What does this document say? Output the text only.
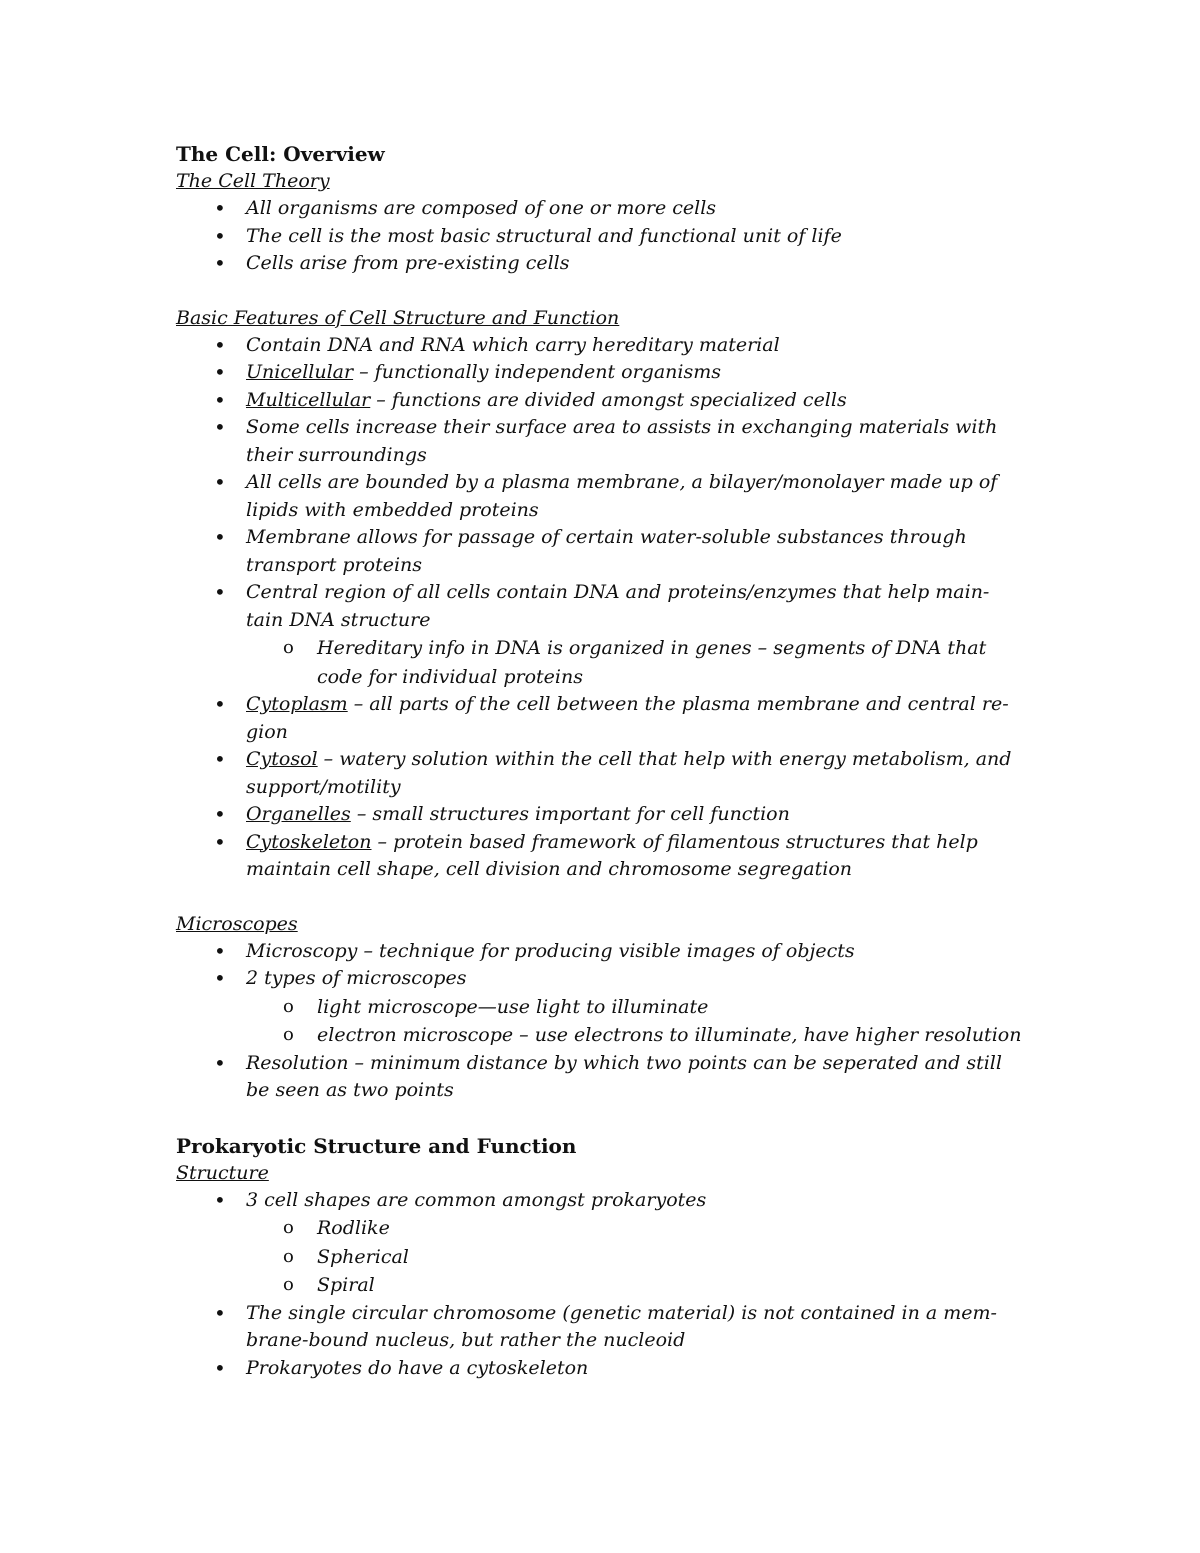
The Cell: Overview
The Cell Theory
• All organisms are composed of one or more cells
• The cell is the most basic structural and functional unit of life
• Cells arise from pre-existing cells
Basic Features of Cell Structure and Function
• Contain DNA and RNA which carry hereditary material
• Unicellular – functionally independent organisms
• Multicellular – functions are divided amongst specialized cells
• Some cells increase their surface area to assists in exchanging materials with
their surroundings
• All cells are bounded by a plasma membrane, a bilayer/monolayer made up of
lipids with embedded proteins
• Membrane allows for passage of certain water-soluble substances through
transport proteins
• Central region of all cells contain DNA and proteins/enzymes that help main-
tain DNA structure
o Hereditary info in DNA is organized in genes – segments of DNA that
code for individual proteins
• Cytoplasm – all parts of the cell between the plasma membrane and central re-
gion
• Cytosol – watery solution within the cell that help with energy metabolism, and
support/motility
• Organelles – small structures important for cell function
• Cytoskeleton – protein based framework of filamentous structures that help
maintain cell shape, cell division and chromosome segregation
Microscopes
• Microscopy – technique for producing visible images of objects
• 2 types of microscopes
o light microscope—use light to illuminate
o electron microscope – use electrons to illuminate, have higher resolution
• Resolution – minimum distance by which two points can be seperated and still
be seen as two points
Prokaryotic Structure and Function
Structure
• 3 cell shapes are common amongst prokaryotes
o Rodlike
o Spherical
o Spiral
• The single circular chromosome (genetic material) is not contained in a mem-
brane-bound nucleus, but rather the nucleoid
• Prokaryotes do have a cytoskeleton
